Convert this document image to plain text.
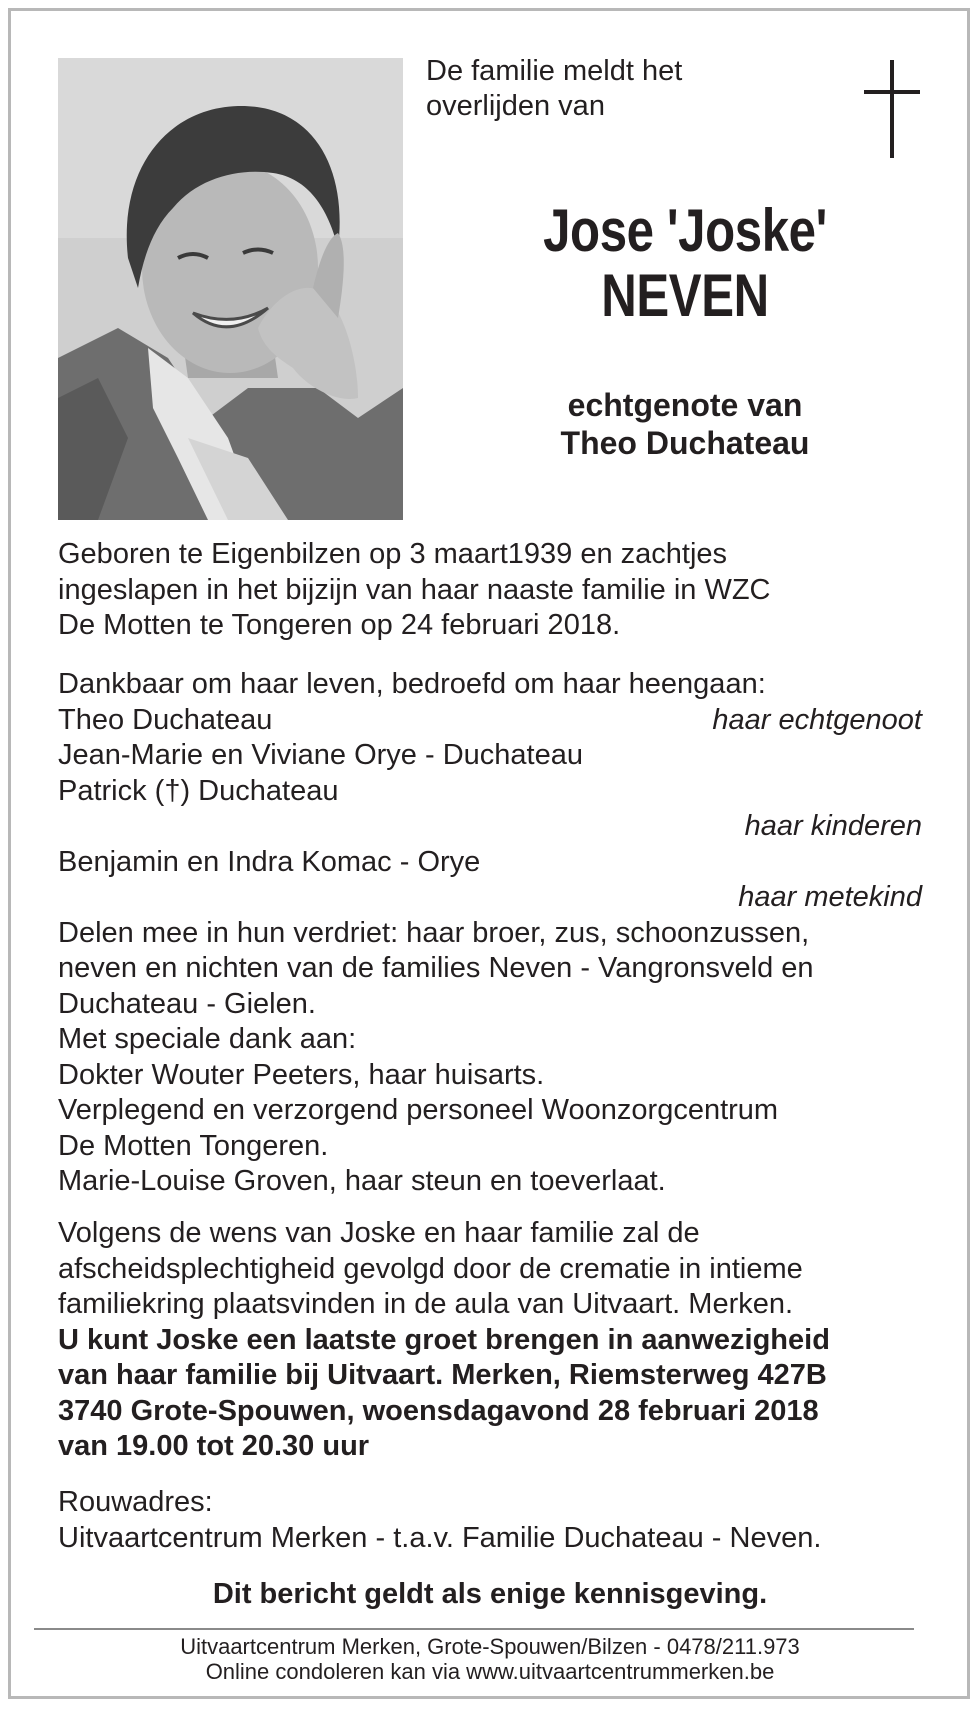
De familie meldt het
overlijden van
Jose 'Joske'
NEVEN
echtgenote van
Theo Duchateau
Geboren te Eigenbilzen op 3 maart1939 en zachtjes
ingeslapen in het bijzijn van haar naaste familie in WZC
De Motten te Tongeren op 24 februari 2018.
Dankbaar om haar leven, bedroefd om haar heengaan:
Theo Duchateau	haar echtgenoot
Jean-Marie en Viviane Orye - Duchateau
Patrick (†) Duchateau
haar kinderen
Benjamin en Indra Komac - Orye
haar metekind
Delen mee in hun verdriet: haar broer, zus, schoonzussen,
neven en nichten van de families Neven - Vangronsveld en
Duchateau - Gielen.
Met speciale dank aan:
Dokter Wouter Peeters, haar huisarts.
Verplegend en verzorgend personeel Woonzorgcentrum
De Motten Tongeren.
Marie-Louise Groven, haar steun en toeverlaat.
Volgens de wens van Joske en haar familie zal de
afscheidsplechtigheid gevolgd door de crematie in intieme
familiekring plaatsvinden in de aula van Uitvaart. Merken.
U kunt Joske een laatste groet brengen in aanwezigheid
van haar familie bij Uitvaart. Merken, Riemsterweg 427B
3740 Grote-Spouwen, woensdagavond 28 februari 2018
van 19.00 tot 20.30 uur
Rouwadres:
Uitvaartcentrum Merken - t.a.v. Familie Duchateau - Neven.
Dit bericht geldt als enige kennisgeving.
Uitvaartcentrum Merken, Grote-Spouwen/Bilzen - 0478/211.973
Online condoleren kan via www.uitvaartcentrummerken.be
